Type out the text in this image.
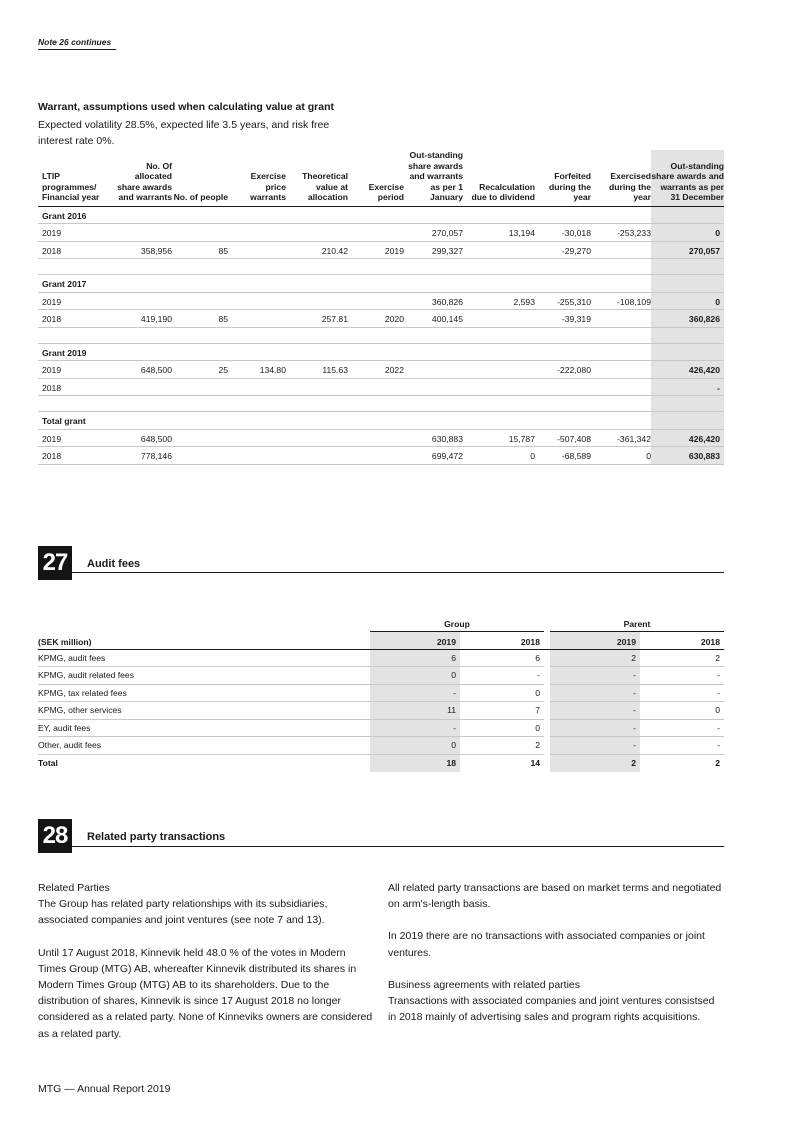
Note 26 continues
Warrant, assumptions used when calculating value at grant
Expected volatility 28.5%, expected life 3.5 years, and risk free interest rate 0%.
LTIP programmes/ Financial year	No. Of allocated share awards and warrants	No. of people	Exercise price warrants	Theoretical value at allocation	Exercise period	Out-standing share awards and warrants as per 1 January	Recalculation due to dividend	Forfeited during the year	Exercised during the year	Out-standing share awards and warrants as per 31 December
Grant 2016										
2019						270,057	13,194	-30,018	-253,233	0
2018	358,956	85		210.42	2019	299,327		-29,270		270,057

Grant 2017										
2019						360,826	2,593	-255,310	-108,109	0
2018	419,190	85		257.81	2020	400,145		-39,319		360,826

Grant 2019										
2019	648,500	25	134.80	115.63	2022			-222,080		426,420
2018										-

Total grant										
2019	648,500					630,883	15,787	-507,408	-361,342	426,420
2018	778,146					699,472	0	-68,589	0	630,883
27	Audit fees
	Group			Parent	
(SEK million)	2019	2018		2019	2018
KPMG, audit fees	6	6		2	2
KPMG, audit related fees	0	-		-	-
KPMG, tax related fees	-	0		-	-
KPMG, other services	11	7		-	0
EY, audit fees	-	0		-	-
Other, audit fees	0	2		-	-
Total	18	14		2	2
28	Related party transactions
Related Parties

The Group has related party relationships with its subsidiaries, associated companies and joint ventures (see note 7 and 13).

Until 17 August 2018, Kinnevik held 48.0 % of the votes in Modern Times Group (MTG) AB, whereafter Kinnevik distributed its shares in Modern Times Group (MTG) AB to its shareholders. Due to the distribution of shares, Kinnevik is since 17 August 2018 no longer considered as a related party. None of Kinneviks owners are considered as a related party.

All related party transactions are based on market terms and negotiated on arm's-length basis.

In 2019 there are no transactions with associated companies or joint ventures.

Business agreements with related parties

Transactions with associated companies and joint ventures consistsed in 2018 mainly of advertising sales and program rights acquisitions.

MTG — Annual Report 2019
